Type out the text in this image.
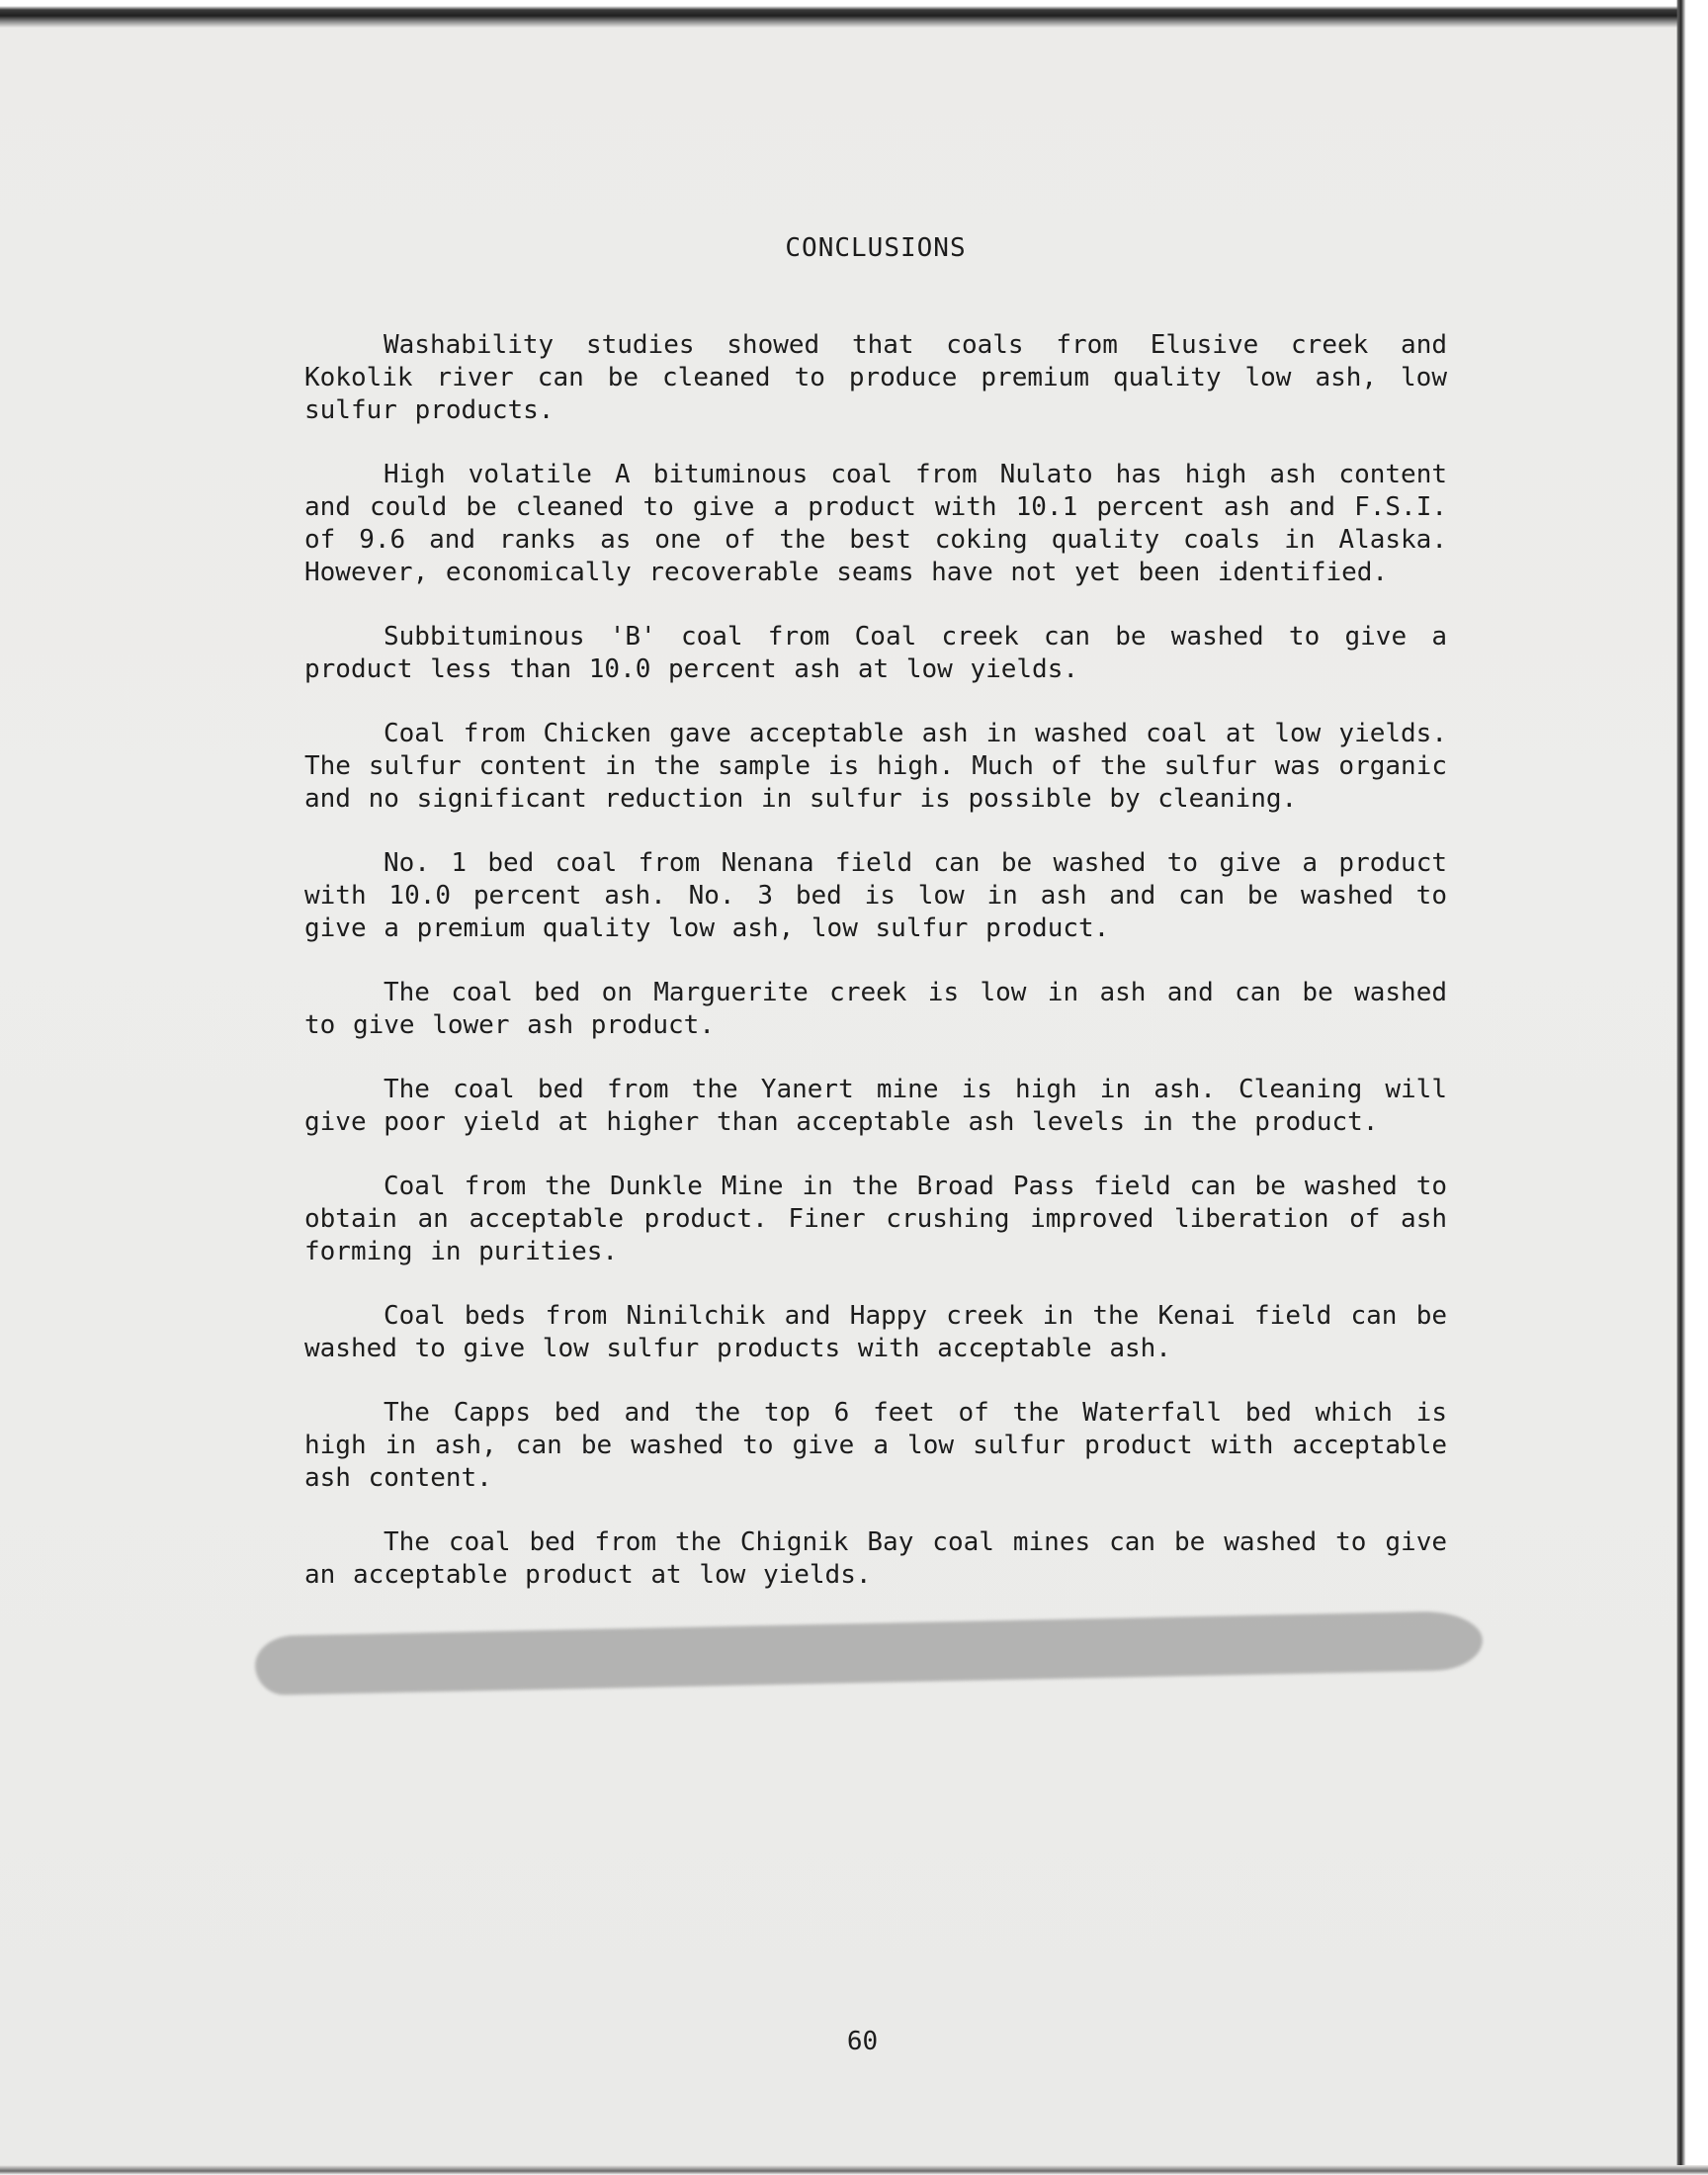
CONCLUSIONS

Washability studies showed that coals from Elusive creek and Kokolik river can be cleaned to produce premium quality low ash, low sulfur products.

High volatile A bituminous coal from Nulato has high ash content and could be cleaned to give a product with 10.1 percent ash and F.S.I. of 9.6 and ranks as one of the best coking quality coals in Alaska. However, economically recoverable seams have not yet been identified.

Subbituminous 'B' coal from Coal creek can be washed to give a product less than 10.0 percent ash at low yields.

Coal from Chicken gave acceptable ash in washed coal at low yields. The sulfur content in the sample is high. Much of the sulfur was organic and no significant reduction in sulfur is possible by cleaning.

No. 1 bed coal from Nenana field can be washed to give a product with 10.0 percent ash. No. 3 bed is low in ash and can be washed to give a premium quality low ash, low sulfur product.

The coal bed on Marguerite creek is low in ash and can be washed to give lower ash product.

The coal bed from the Yanert mine is high in ash. Cleaning will give poor yield at higher than acceptable ash levels in the product.

Coal from the Dunkle Mine in the Broad Pass field can be washed to obtain an acceptable product. Finer crushing improved liberation of ash forming in purities.

Coal beds from Ninilchik and Happy creek in the Kenai field can be washed to give low sulfur products with acceptable ash.

The Capps bed and the top 6 feet of the Waterfall bed which is high in ash, can be washed to give a low sulfur product with acceptable ash content.

The coal bed from the Chignik Bay coal mines can be washed to give an acceptable product at low yields.

60
